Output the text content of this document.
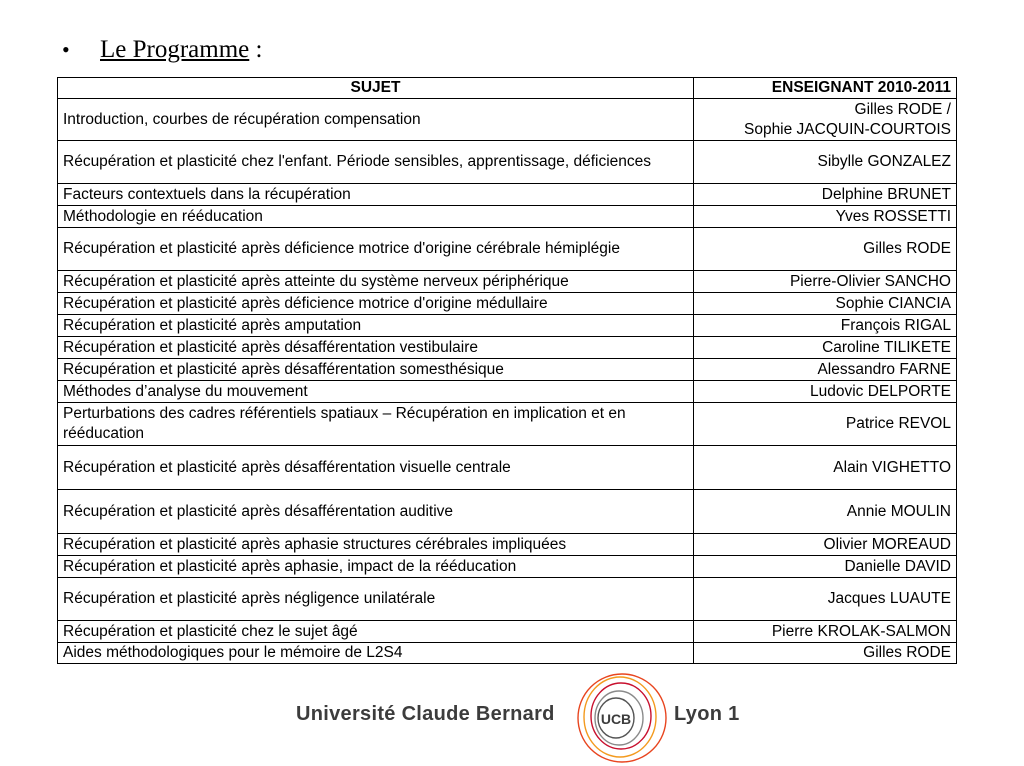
• Le Programme :
SUJET	ENSEIGNANT 2010-2011
Introduction, courbes de récupération compensation	Gilles RODE /
Sophie JACQUIN-COURTOIS
Récupération et plasticité chez l'enfant. Période sensibles, apprentissage, déficiences	Sibylle GONZALEZ
Facteurs contextuels dans la récupération	Delphine BRUNET
Méthodologie en rééducation	Yves ROSSETTI
Récupération et plasticité après déficience motrice d'origine cérébrale hémiplégie	Gilles RODE
Récupération et plasticité après atteinte du système nerveux périphérique	Pierre-Olivier SANCHO
Récupération et plasticité après déficience motrice d'origine médullaire	Sophie CIANCIA
Récupération et plasticité après amputation	François RIGAL
Récupération et plasticité après désafférentation vestibulaire	Caroline TILIKETE
Récupération et plasticité après désafférentation somesthésique	Alessandro FARNE
Méthodes d’analyse du mouvement	Ludovic DELPORTE
Perturbations des cadres référentiels spatiaux – Récupération en implication et en rééducation	Patrice REVOL
Récupération et plasticité après désafférentation visuelle centrale	Alain VIGHETTO
Récupération et plasticité après désafférentation auditive	Annie MOULIN
Récupération et plasticité après aphasie structures cérébrales impliquées	Olivier MOREAUD
Récupération et plasticité après aphasie, impact de la rééducation	Danielle DAVID
Récupération et plasticité après négligence unilatérale	Jacques LUAUTE
Récupération et plasticité chez le sujet âgé	Pierre KROLAK-SALMON
Aides méthodologiques pour le mémoire de L2S4	Gilles RODE
Université Claude Bernard	UCB Lyon 1
